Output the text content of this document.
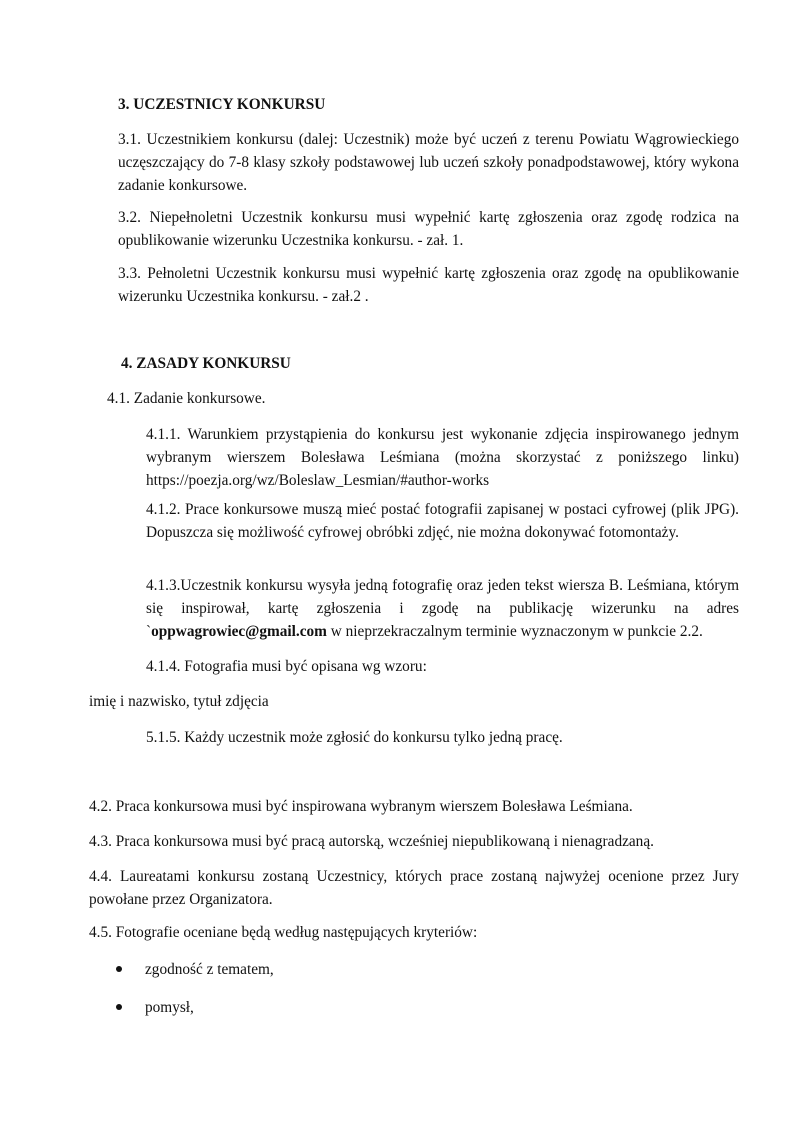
3. UCZESTNICY KONKURSU
3.1. Uczestnikiem konkursu (dalej: Uczestnik) może być uczeń z terenu Powiatu Wągrowieckiego uczęszczający do 7-8 klasy szkoły podstawowej lub uczeń szkoły ponadpodstawowej, który wykona zadanie konkursowe.
3.2. Niepełnoletni Uczestnik konkursu musi wypełnić kartę zgłoszenia oraz zgodę rodzica na opublikowanie wizerunku Uczestnika konkursu. - zał. 1.
3.3. Pełnoletni Uczestnik konkursu musi wypełnić kartę zgłoszenia oraz zgodę na opublikowanie wizerunku Uczestnika konkursu. - zał.2 .
4. ZASADY KONKURSU
4.1. Zadanie konkursowe.
4.1.1. Warunkiem przystąpienia do konkursu jest wykonanie zdjęcia inspirowanego jednym wybranym wierszem Bolesława Leśmiana (można skorzystać z poniższego linku) https://poezja.org/wz/Boleslaw_Lesmian/#author-works
4.1.2. Prace konkursowe muszą mieć postać fotografii zapisanej w postaci cyfrowej (plik JPG). Dopuszcza się możliwość cyfrowej obróbki zdjęć, nie można dokonywać fotomontaży.
4.1.3.Uczestnik konkursu wysyła jedną fotografię oraz jeden tekst wiersza B. Leśmiana, którym się inspirował, kartę zgłoszenia i zgodę na publikację wizerunku na adres `oppwagrowiec@gmail.com w nieprzekraczalnym terminie wyznaczonym w punkcie 2.2.
4.1.4. Fotografia musi być opisana wg wzoru:
imię i nazwisko, tytuł zdjęcia
5.1.5. Każdy uczestnik może zgłosić do konkursu tylko jedną pracę.
4.2. Praca konkursowa musi być inspirowana wybranym wierszem Bolesława Leśmiana.
4.3. Praca konkursowa musi być pracą autorską, wcześniej niepublikowaną i nienagradzaną.
4.4. Laureatami konkursu zostaną Uczestnicy, których prace zostaną najwyżej ocenione przez Jury powołane przez Organizatora.
4.5. Fotografie oceniane będą według następujących kryteriów:
zgodność z tematem,
pomysł,
